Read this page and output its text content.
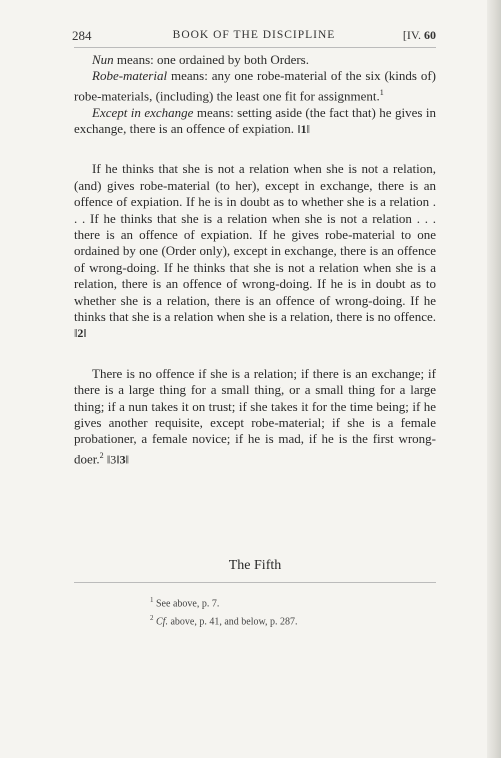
284	BOOK OF THE DISCIPLINE	[IV. 60

Nun means: one ordained by both Orders.

Robe-material means: any one robe-material of the six (kinds of) robe-materials, (including) the least one fit for assignment.$^1$

Except in exchange means: setting aside (the fact that) he gives in exchange, there is an offence of expiation. ‖1‖

If he thinks that she is not a relation when she is not a relation, (and) gives robe-material (to her), except in exchange, there is an offence of expiation. If he is in doubt as to whether she is a relation . . . If he thinks that she is a relation when she is not a relation . . . there is an offence of expiation. If he gives robe-material to one ordained by one (Order only), except in exchange, there is an offence of wrong-doing. If he thinks that she is not a relation when she is a relation, there is an offence of wrong-doing. If he is in doubt as to whether she is a relation, there is an offence of wrong-doing. If he thinks that she is a relation when she is a relation, there is no offence. ‖2‖

There is no offence if she is a relation; if there is an exchange; if there is a large thing for a small thing, or a small thing for a large thing; if a nun takes it on trust; if she takes it for the time being; if he gives another requisite, except robe-material; if she is a female probationer, a female novice; if he is mad, if he is the first wrong-doer.$^2$ ‖3‖3‖

The Fifth
$^1$ See above, p. 7.
$^2$ Cf. above, p. 41, and below, p. 287.
